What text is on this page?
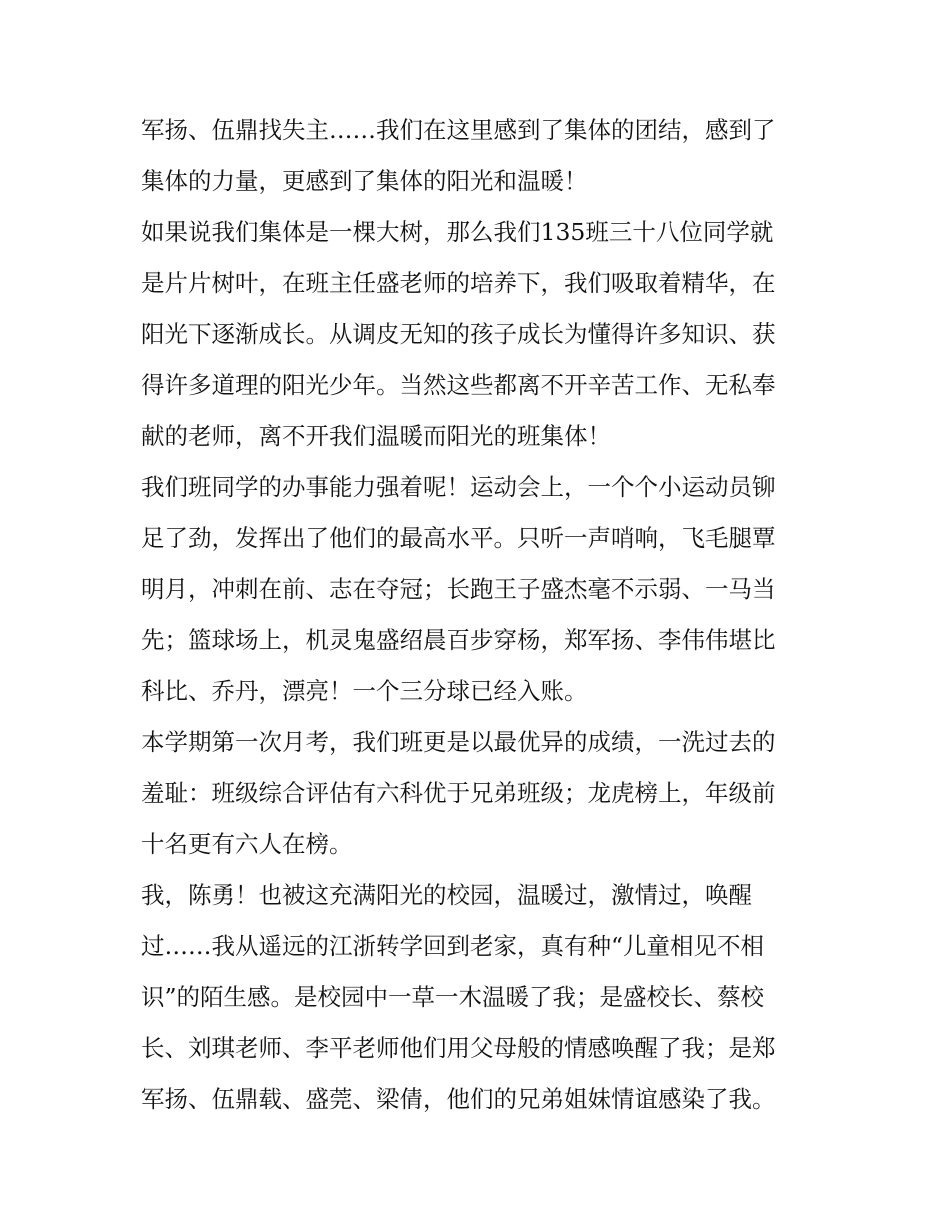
军扬、伍鼎找失主……我们在这里感到了集体的团结，感到了
集体的力量，更感到了集体的阳光和温暖！
如果说我们集体是一棵大树，那么我们135班三十八位同学就
是片片树叶，在班主任盛老师的培养下，我们吸取着精华，在
阳光下逐渐成长。从调皮无知的孩子成长为懂得许多知识、获
得许多道理的阳光少年。当然这些都离不开辛苦工作、无私奉
献的老师，离不开我们温暖而阳光的班集体！
我们班同学的办事能力强着呢！运动会上，一个个小运动员铆
足了劲，发挥出了他们的最高水平。只听一声哨响，飞毛腿覃
明月，冲刺在前、志在夺冠；长跑王子盛杰毫不示弱、一马当
先；篮球场上，机灵鬼盛绍晨百步穿杨，郑军扬、李伟伟堪比
科比、乔丹，漂亮！一个三分球已经入账。
本学期第一次月考，我们班更是以最优异的成绩，一洗过去的
羞耻：班级综合评估有六科优于兄弟班级；龙虎榜上，年级前
十名更有六人在榜。
我，陈勇！也被这充满阳光的校园，温暖过，激情过，唤醒
过……我从遥远的江浙转学回到老家，真有种“儿童相见不相
识”的陌生感。是校园中一草一木温暖了我；是盛校长、蔡校
长、刘琪老师、李平老师他们用父母般的情感唤醒了我；是郑
军扬、伍鼎载、盛莞、梁倩，他们的兄弟姐妹情谊感染了我。
